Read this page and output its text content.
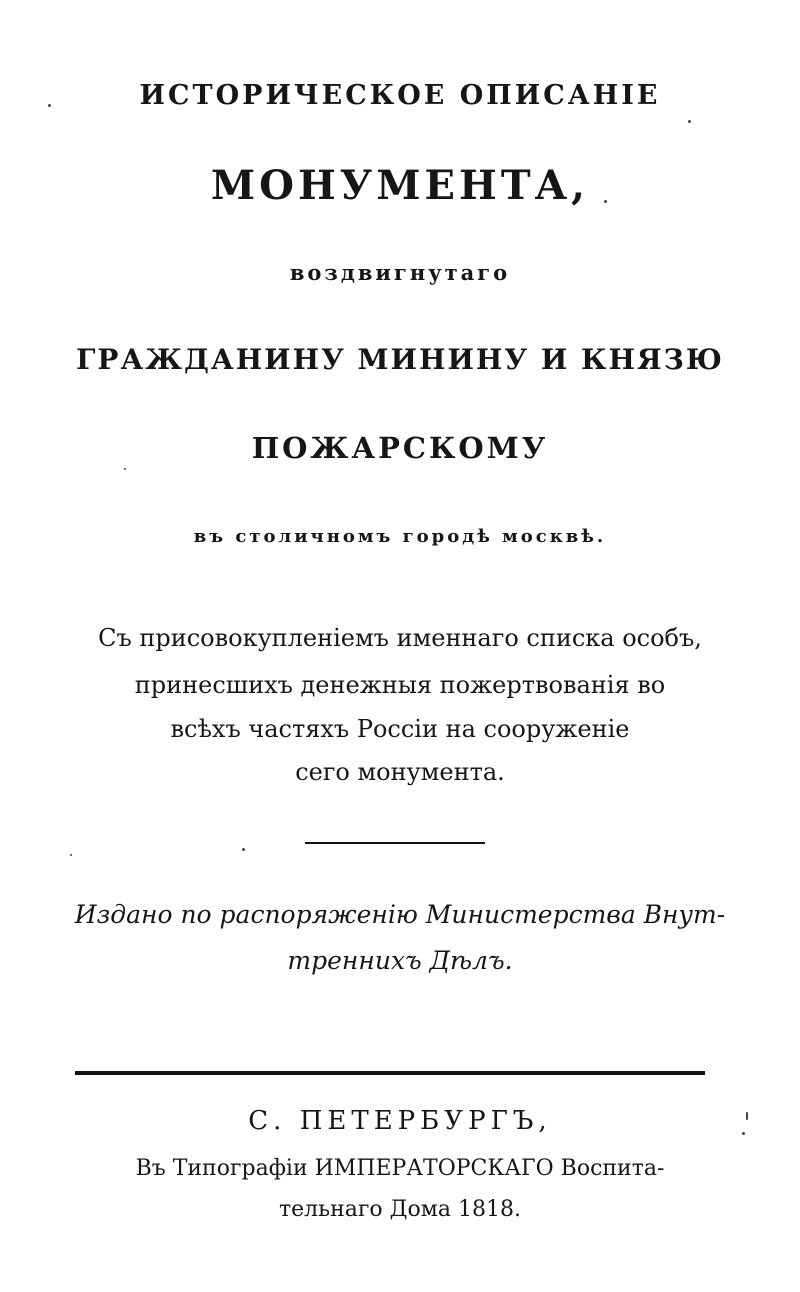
ИСТОРИЧЕСКОЕ ОПИСАНІЕ
МОНУМЕНТА,
воздвигнутаго
ГРАЖДАНИНУ МИНИНУ И КНЯЗЮ
ПОЖАРСКОМУ
въ столичномъ городѣ москвѣ.
Съ присовокупленіемъ именнаго списка особъ,
принесшихъ денежныя пожертвованія во
всѣхъ частяхъ Россіи на сооруженіе
сего монумента.
Издано по распоряженію Министерства Внут-
треннихъ Дѣлъ.
С. ПЕТЕРБУРГЪ,
Въ Типографіи ИМПЕРАТОРСКАГО Воспита-
тельнаго Дома 1818.
